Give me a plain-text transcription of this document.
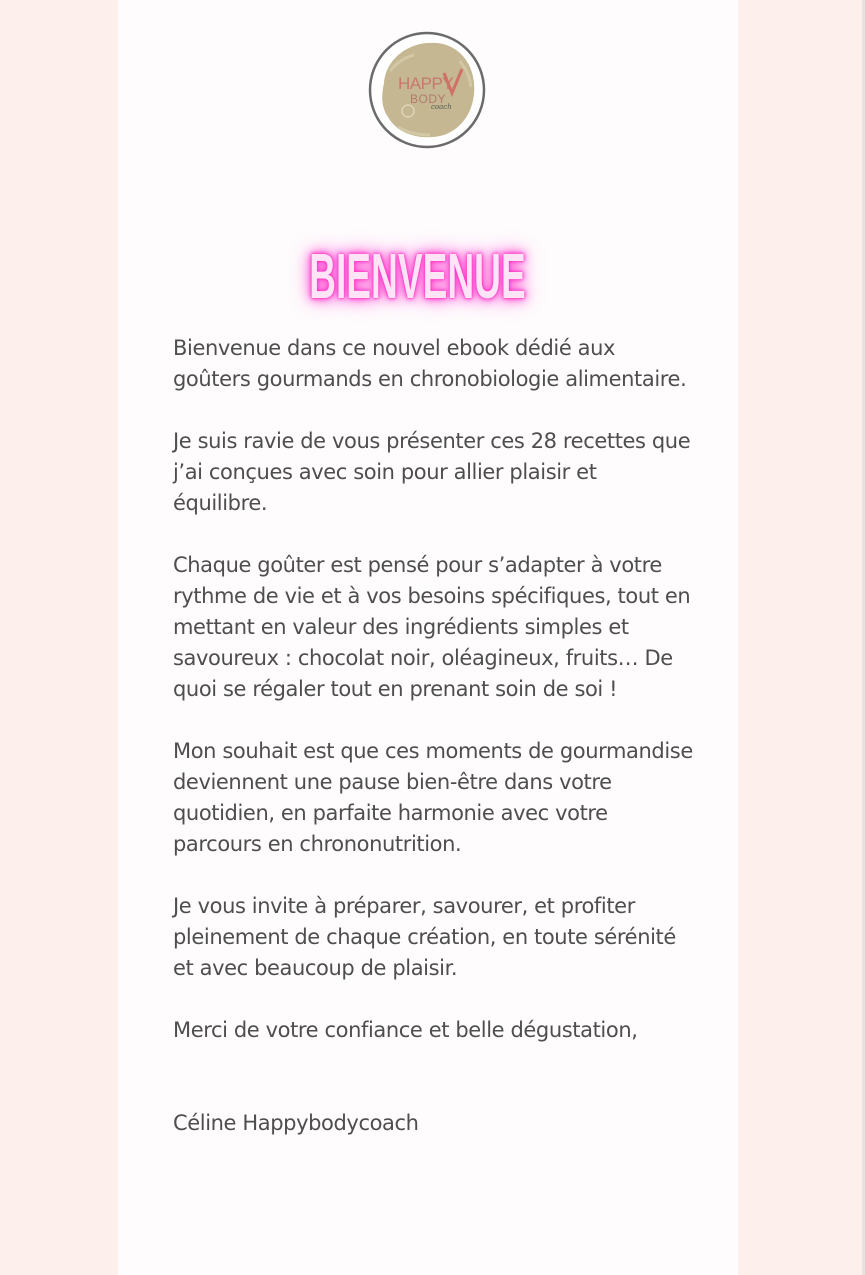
HAPPY
BODY
coach
BIENVENUE

Bienvenue dans ce nouvel ebook dédié aux goûters gourmands en chronobiologie alimentaire.

Je suis ravie de vous présenter ces 28 recettes que j’ai conçues avec soin pour allier plaisir et équilibre.

Chaque goûter est pensé pour s’adapter à votre rythme de vie et à vos besoins spécifiques, tout en mettant en valeur des ingrédients simples et savoureux : chocolat noir, oléagineux, fruits… De quoi se régaler tout en prenant soin de soi !

Mon souhait est que ces moments de gourmandise deviennent une pause bien-être dans votre quotidien, en parfaite harmonie avec votre parcours en chrononutrition.

Je vous invite à préparer, savourer, et profiter pleinement de chaque création, en toute sérénité et avec beaucoup de plaisir.

Merci de votre confiance et belle dégustation,

Céline Happybodycoach
